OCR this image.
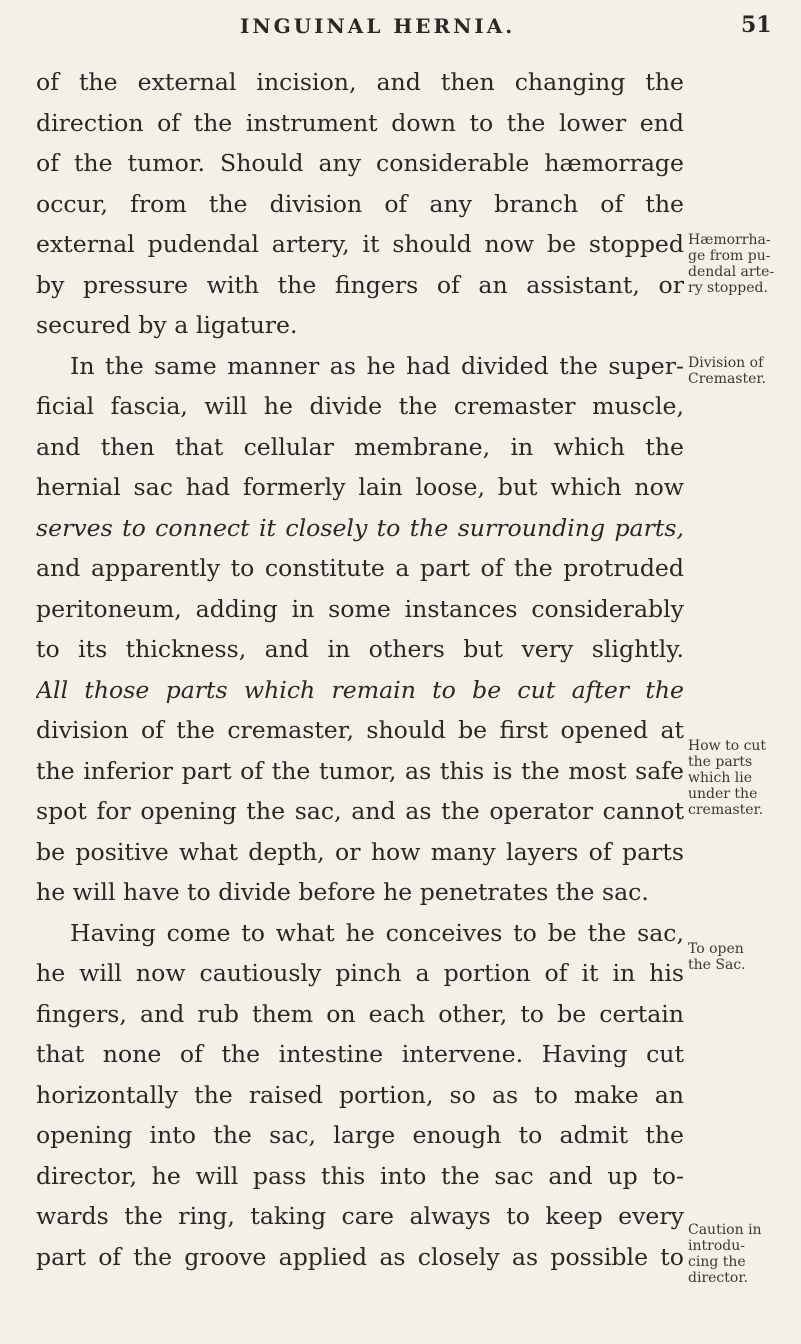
INGUINAL HERNIA.	51
of the external incision, and then changing the
direction of the instrument down to the lower end
of the tumor. Should any considerable hæmorrage
occur, from the division of any branch of the
external pudendal artery, it should now be stopped
by pressure with the fingers of an assistant, or
secured by a ligature.
In the same manner as he had divided the super-
ficial fascia, will he divide the cremaster muscle,
and then that cellular membrane, in which the
hernial sac had formerly lain loose, but which now
serves to connect it closely to the surrounding parts,
and apparently to constitute a part of the protruded
peritoneum, adding in some instances considerably
to its thickness, and in others but very slightly.
All those parts which remain to be cut after the
division of the cremaster, should be first opened at
the inferior part of the tumor, as this is the most safe
spot for opening the sac, and as the operator cannot
be positive what depth, or how many layers of parts
he will have to divide before he penetrates the sac.
Having come to what he conceives to be the sac,
he will now cautiously pinch a portion of it in his
fingers, and rub them on each other, to be certain
that none of the intestine intervene. Having cut
horizontally the raised portion, so as to make an
opening into the sac, large enough to admit the
director, he will pass this into the sac and up to-
wards the ring, taking care always to keep every
part of the groove applied as closely as possible to
Hæmorrha-
ge from pu-
dendal arte-
ry stopped.
Division of
Cremaster.
How to cut
the parts
which lie
under the
cremaster.
To open
the Sac.
Caution in
introdu-
cing the
director.
